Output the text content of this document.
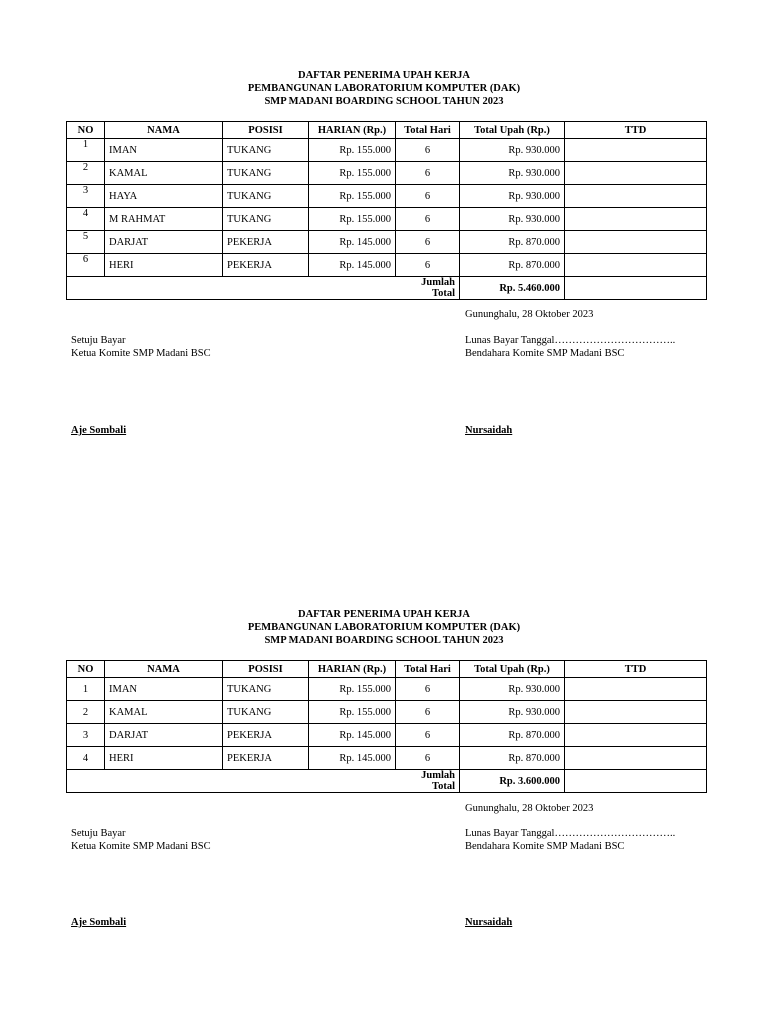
DAFTAR PENERIMA UPAH KERJA
PEMBANGUNAN LABORATORIUM KOMPUTER (DAK)
SMP MADANI BOARDING SCHOOL TAHUN 2023
NO	NAMA	POSISI	HARIAN (Rp.)	Total Hari	Total Upah (Rp.)	TTD
1	IMAN	TUKANG	Rp. 155.000	6	Rp. 930.000	
2	KAMAL	TUKANG	Rp. 155.000	6	Rp. 930.000	
3	HAYA	TUKANG	Rp. 155.000	6	Rp. 930.000	
4	M RAHMAT	TUKANG	Rp. 155.000	6	Rp. 930.000	
5	DARJAT	PEKERJA	Rp. 145.000	6	Rp. 870.000	
6	HERI	PEKERJA	Rp. 145.000	6	Rp. 870.000	
				Jumlah Total	Rp. 5.460.000	
Gununghalu, 28 Oktober 2023
Setuju Bayar
Ketua Komite SMP Madani BSC
Lunas Bayar Tanggal……………………………..
Bendahara Komite SMP Madani BSC
Aje Sombali	Nursaidah
DAFTAR PENERIMA UPAH KERJA
PEMBANGUNAN LABORATORIUM KOMPUTER (DAK)
SMP MADANI BOARDING SCHOOL TAHUN 2023
NO	NAMA	POSISI	HARIAN (Rp.)	Total Hari	Total Upah (Rp.)	TTD
1	IMAN	TUKANG	Rp. 155.000	6	Rp. 930.000	
2	KAMAL	TUKANG	Rp. 155.000	6	Rp. 930.000	
3	DARJAT	PEKERJA	Rp. 145.000	6	Rp. 870.000	
4	HERI	PEKERJA	Rp. 145.000	6	Rp. 870.000	
				Jumlah Total	Rp. 3.600.000	
Gununghalu, 28 Oktober 2023
Setuju Bayar
Ketua Komite SMP Madani BSC
Lunas Bayar Tanggal……………………………..
Bendahara Komite SMP Madani BSC
Aje Sombali	Nursaidah
